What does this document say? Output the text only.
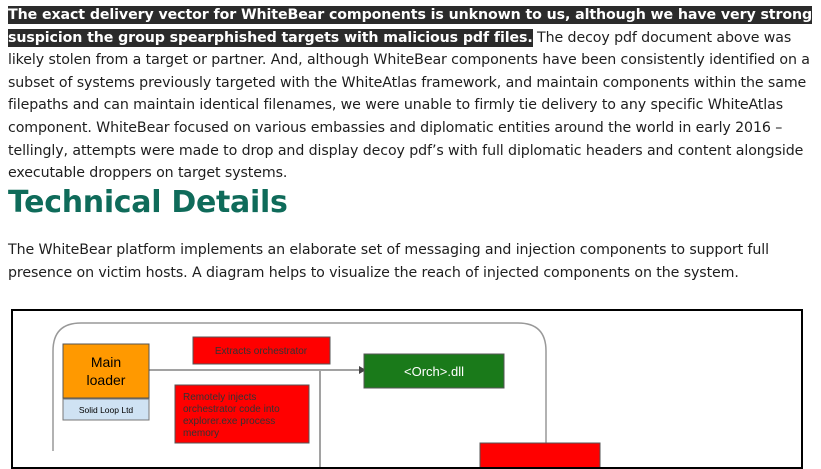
The exact delivery vector for WhiteBear components is unknown to us, although we have very strong suspicion the group spearphished targets with malicious pdf files. The decoy pdf document above was likely stolen from a target or partner. And, although WhiteBear components have been consistently identified on a subset of systems previously targeted with the WhiteAtlas framework, and maintain components within the same filepaths and can maintain identical filenames, we were unable to firmly tie delivery to any specific WhiteAtlas component. WhiteBear focused on various embassies and diplomatic entities around the world in early 2016 – tellingly, attempts were made to drop and display decoy pdf’s with full diplomatic headers and content alongside executable droppers on target systems.

Technical Details

The WhiteBear platform implements an elaborate set of messaging and injection components to support full presence on victim hosts. A diagram helps to visualize the reach of injected components on the system.

Main
loader
Solid Loop Ltd
Extracts orchestrator
Remotely injects
orchestrator code into
explorer.exe process
memory
<Orch>.dll
